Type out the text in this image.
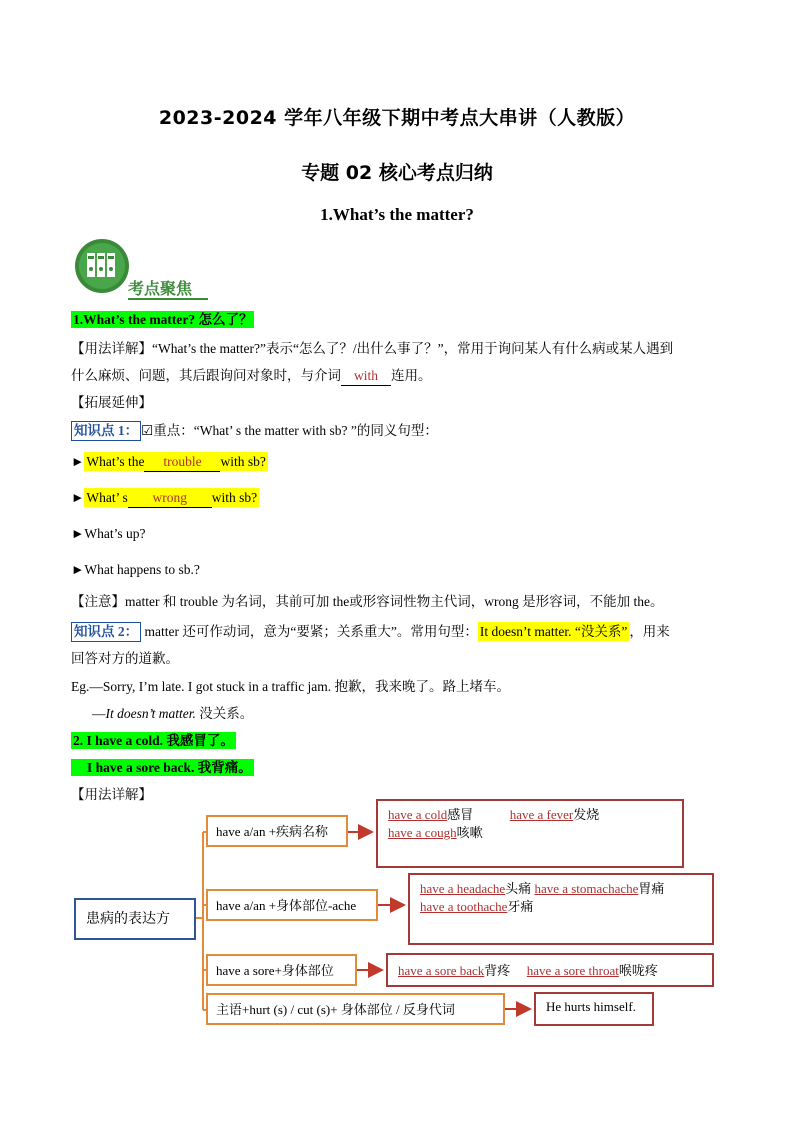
2023-2024 学年八年级下期中考点大串讲（人教版）
专题 02 核心考点归纳
1.What’s the matter?
考点聚焦
1.What’s the matter? 怎么了？
【用法详解】“What’s the matter?”表示“怎么了？/出什么事了？”，常用于询问某人有什么病或某人遇到
什么麻烦、问题，其后跟询问对象时，与介词 with 连用。
【拓展延伸】
知识点 1： ☑重点：“What’ s the matter with sb? ”的同义句型：
► What’s the trouble with sb?
► What’ s wrong with sb?
►What’s up?
►What happens to sb.?
【注意】matter 和 trouble 为名词，其前可加 the或形容词性物主代词，wrong 是形容词，不能加 the。
知识点 2： matter 还可作动词，意为“要紧；关系重大”。常用句型： It doesn’t matter. “没关系” ，用来
回答对方的道歉。
Eg.—Sorry, I’m late. I got stuck in a traffic jam. 抱歉，我来晚了。路上堵车。
—It doesn’t matter. 没关系。
2. I have a cold. 我感冒了。
I have a sore back. 我背痛。
【用法详解】
患病的表达方
have a/an +疾病名称
have a/an +身体部位-ache
have a sore+身体部位
主语+hurt (s) / cut (s)+ 身体部位 / 反身代词
have a cold感冒	have a fever发烧
have a cough咳嗽
have a headache头痛 have a stomachache胃痛
have a toothache牙痛
have a sore back背疼 have a sore throat喉咙疼
He hurts himself.
